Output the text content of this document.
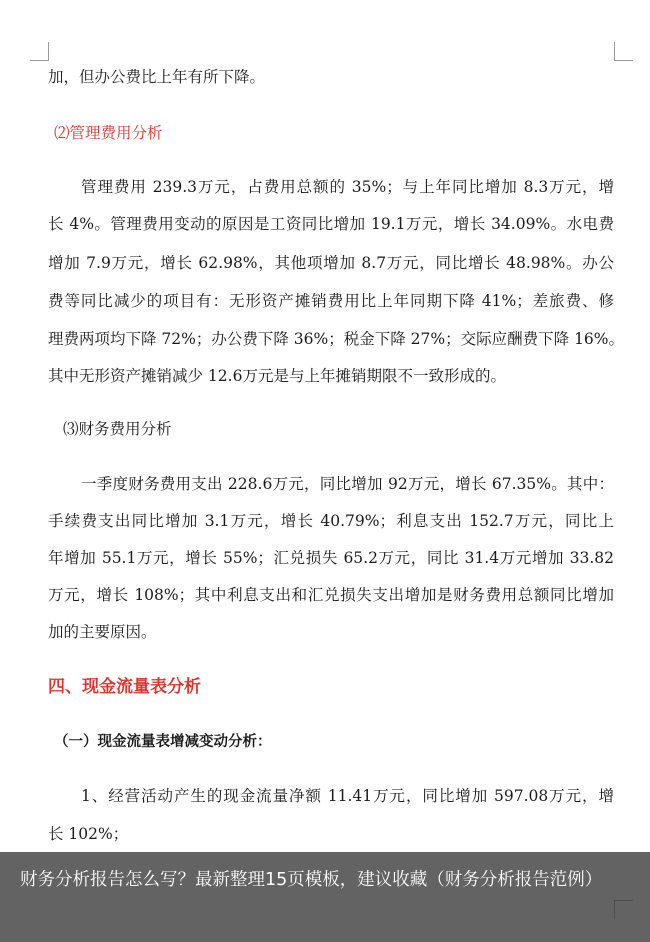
加，但办公费比上年有所下降。
⑵管理费用分析
管理费用 239.3万元，占费用总额的 35%；与上年同比增加 8.3万元，增
长 4%。管理费用变动的原因是工资同比增加 19.1万元，增长 34.09%。水电费
增加 7.9万元，增长 62.98%，其他项增加 8.7万元，同比增长 48.98%。办公
费等同比减少的项目有：无形资产摊销费用比上年同期下降 41%；差旅费、修
理费两项均下降 72%；办公费下降 36%；税金下降 27%；交际应酬费下降 16%。
其中无形资产摊销减少 12.6万元是与上年摊销期限不一致形成的。
⑶财务费用分析
一季度财务费用支出 228.6万元，同比增加 92万元，增长 67.35%。其中：
手续费支出同比增加 3.1万元，增长 40.79%；利息支出 152.7万元，同比上
年增加 55.1万元，增长 55%；汇兑损失 65.2万元，同比 31.4万元增加 33.82
万元，增长 108%；其中利息支出和汇兑损失支出增加是财务费用总额同比增加
加的主要原因。
四、现金流量表分析
（一）现金流量表增减变动分析：
1、经营活动产生的现金流量净额 11.41万元，同比增加 597.08万元，增
长 102%；
财务分析报告怎么写？最新整理15页模板，建议收藏（财务分析报告范例）
